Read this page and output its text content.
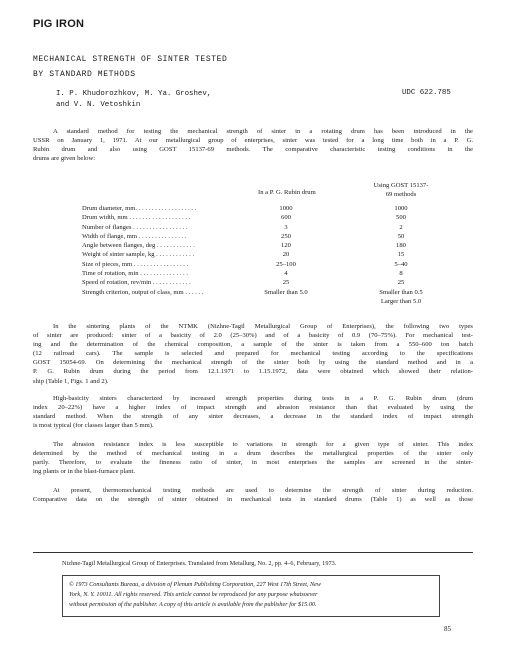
PIG IRON
MECHANICAL STRENGTH OF SINTER TESTED
BY STANDARD METHODS
I. P. Khudorozhkov, M. Ya. Groshev,
and V. N. Vetoshkin
UDC 622.785
A standard method for testing the mechanical strength of sinter in a rotating drum has been introduced in the
USSR on January 1, 1971. At our metallurgical group of enterprises, sinter was tested for a long time both in a P. G.
Rubin drum and also using GOST 15137-69 methods. The comparative characteristic testing conditions in the
drums are given below:
In a P. G. Rubin drum
Using GOST 15137-
69 methods
Drum diameter, mm. . . . . . . . . . . . . . . . . . .	1000	1000
Drum width, mm . . . . . . . . . . . . . . . . . . .	600	500
Number of flanges . . . . . . . . . . . . . . . . .	3	2
Width of flange, mm . . . . . . . . . . . . . . .	250	50
Angle between flanges, deg . . . . . . . . . . . .	120	180
Weight of sinter sample, kg . . . . . . . . . . . .	20	15
Size of pieces, mm . . . . . . . . . . . . . . . . .	25–100	5–40
Time of rotation, min . . . . . . . . . . . . . . .	4	8
Speed of rotation, rev/min . . . . . . . . . . . .	25	25
Strength criterion, output of class, mm . . . . . .	Smaller than 5.0	Smaller than 0.5
Larger than 5.0
In the sintering plants of the NTMK (Nizhne-Tagil Metallurgical Group of Enterprises), the following two types
of sinter are produced: sinter of a basicity of 2.0 (25–30%) and of a basicity of 0.9 (70–75%). For mechanical test-
ing and the determination of the chemical composition, a sample of the sinter is taken from a 550–600 ton batch
(12 railroad cars). The sample is selected and prepared for mechanical testing according to the specifications
GOST 15054-69. On determining the mechanical strength of the sinter both by using the standard method and in a
P. G. Rubin drum during the period from 12.1.1971 to 1.15.1972, data were obtained which showed their relation-
ship (Table 1, Figs. 1 and 2).
High-basicity sinters characterized by increased strength properties during tests in a P. G. Rubin drum (drum
index 20–22%) have a higher index of impact strength and abrasion resistance than that evaluated by using the
standard method. When the strength of any sinter decreases, a decrease in the standard index of impact strength
is most typical (for classes larger than 5 mm).
The abrasion resistance index is less susceptible to variations in strength for a given type of sinter. This index
determined by the method of mechanical testing in a drum describes the metallurgical properties of the sinter only
partly. Therefore, to evaluate the fineness ratio of sinter, in most enterprises the samples are screened in the sinter-
ing plants or in the blast-furnace plant.
At present, thermomechanical testing methods are used to determine the strength of sinter during reduction.
Comparative data on the strength of sinter obtained in mechanical tests in standard drums (Table 1) as well as those
Nizhne-Tagil Metallurgical Group of Enterprises. Translated from Metallurg, No. 2, pp. 4–6, February, 1973.
© 1973 Consultants Bureau, a division of Plenum Publishing Corporation, 227 West 17th Street, New
York, N. Y. 10011. All rights reserved. This article cannot be reproduced for any purpose whatsoever
without permission of the publisher. A copy of this article is available from the publisher for $15.00.
85
